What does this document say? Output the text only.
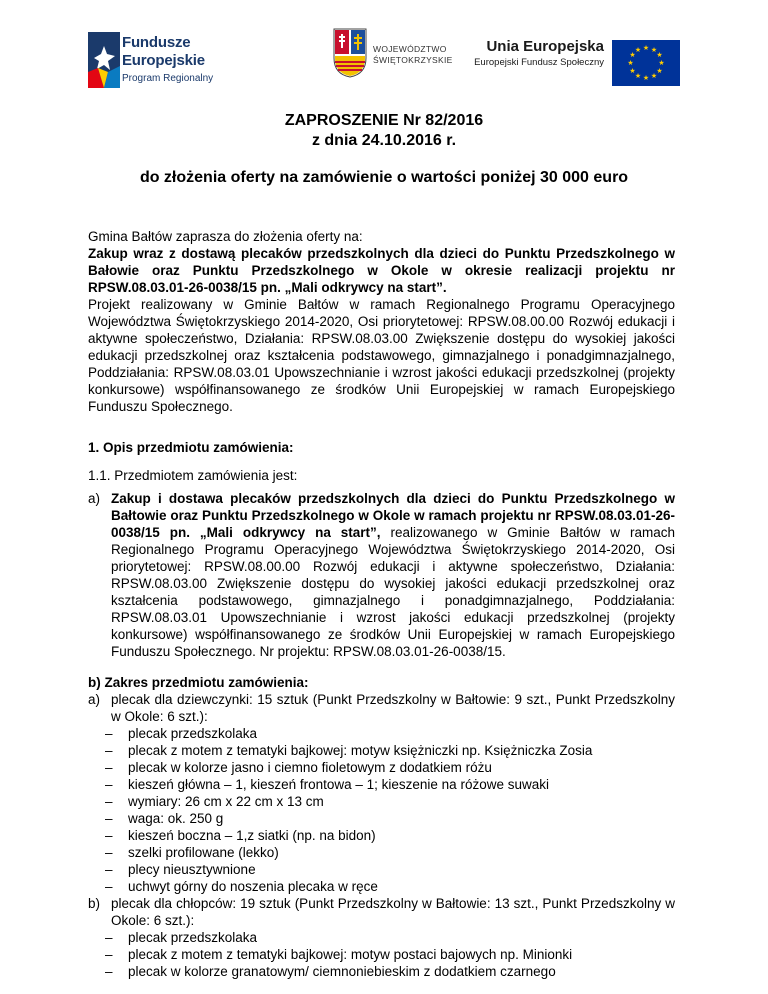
Fundusze
Europejskie
Program Regionalny
WOJEWÓDZTWO
ŚWIĘTOKRZYSKIE
Unia Europejska
Europejski Fundusz Społeczny
★ ★
★
★
★
★
★
★
★
★
★
★
ZAPROSZENIE Nr 82/2016
z dnia 24.10.2016 r.
do złożenia oferty na zamówienie o wartości poniżej 30 000 euro

Gmina Bałtów zaprasza do złożenia oferty na:

Zakup wraz z dostawą plecaków przedszkolnych dla dzieci do Punktu Przedszkolnego w Bałowie oraz Punktu Przedszkolnego w Okole w okresie realizacji projektu nr RPSW.08.03.01-26-0038/15 pn. „Mali odkrywcy na start”.

Projekt realizowany w Gminie Bałtów w ramach Regionalnego Programu Operacyjnego Województwa Świętokrzyskiego 2014-2020, Osi priorytetowej: RPSW.08.00.00 Rozwój edukacji i aktywne społeczeństwo, Działania: RPSW.08.03.00 Zwiększenie dostępu do wysokiej jakości edukacji przedszkolnej oraz kształcenia podstawowego, gimnazjalnego i ponadgimnazjalnego, Poddziałania: RPSW.08.03.01 Upowszechnianie i wzrost jakości edukacji przedszkolnej (projekty konkursowe) współfinansowanego ze środków Unii Europejskiej w ramach Europejskiego Funduszu Społecznego.

1. Opis przedmiotu zamówienia:

1.1. Przedmiotem zamówienia jest:

a) Zakup i dostawa plecaków przedszkolnych dla dzieci do Punktu Przedszkolnego w Bałtowie oraz Punktu Przedszkolnego w Okole w ramach projektu nr RPSW.08.03.01-26-0038/15 pn. „Mali odkrywcy na start”, realizowanego w Gminie Bałtów w ramach Regionalnego Programu Operacyjnego Województwa Świętokrzyskiego 2014-2020, Osi priorytetowej: RPSW.08.00.00 Rozwój edukacji i aktywne społeczeństwo, Działania: RPSW.08.03.00 Zwiększenie dostępu do wysokiej jakości edukacji przedszkolnej oraz kształcenia podstawowego, gimnazjalnego i ponadgimnazjalnego, Poddziałania: RPSW.08.03.01 Upowszechnianie i wzrost jakości edukacji przedszkolnej (projekty konkursowe) współfinansowanego ze środków Unii Europejskiej w ramach Europejskiego Funduszu Społecznego. Nr projektu: RPSW.08.03.01-26-0038/15.

b) Zakres przedmiotu zamówienia:

a) plecak dla dziewczynki: 15 sztuk (Punkt Przedszkolny w Bałtowie: 9 szt., Punkt Przedszkolny w Okole: 6 szt.):
– plecak przedszkolaka
– plecak z motem z tematyki bajkowej: motyw księżniczki np. Księżniczka Zosia
– plecak w kolorze jasno i ciemno fioletowym z dodatkiem różu
– kieszeń główna – 1, kieszeń frontowa – 1; kieszenie na różowe suwaki
– wymiary: 26 cm x 22 cm x 13 cm
– waga: ok. 250 g
– kieszeń boczna – 1,z siatki (np. na bidon)
– szelki profilowane (lekko)
– plecy nieusztywnione
– uchwyt górny do noszenia plecaka w ręce
b) plecak dla chłopców: 19 sztuk (Punkt Przedszkolny w Bałtowie: 13 szt., Punkt Przedszkolny w Okole: 6 szt.):
– plecak przedszkolaka
– plecak z motem z tematyki bajkowej: motyw postaci bajowych np. Minionki
– plecak w kolorze granatowym/ ciemnoniebieskim z dodatkiem czarnego
